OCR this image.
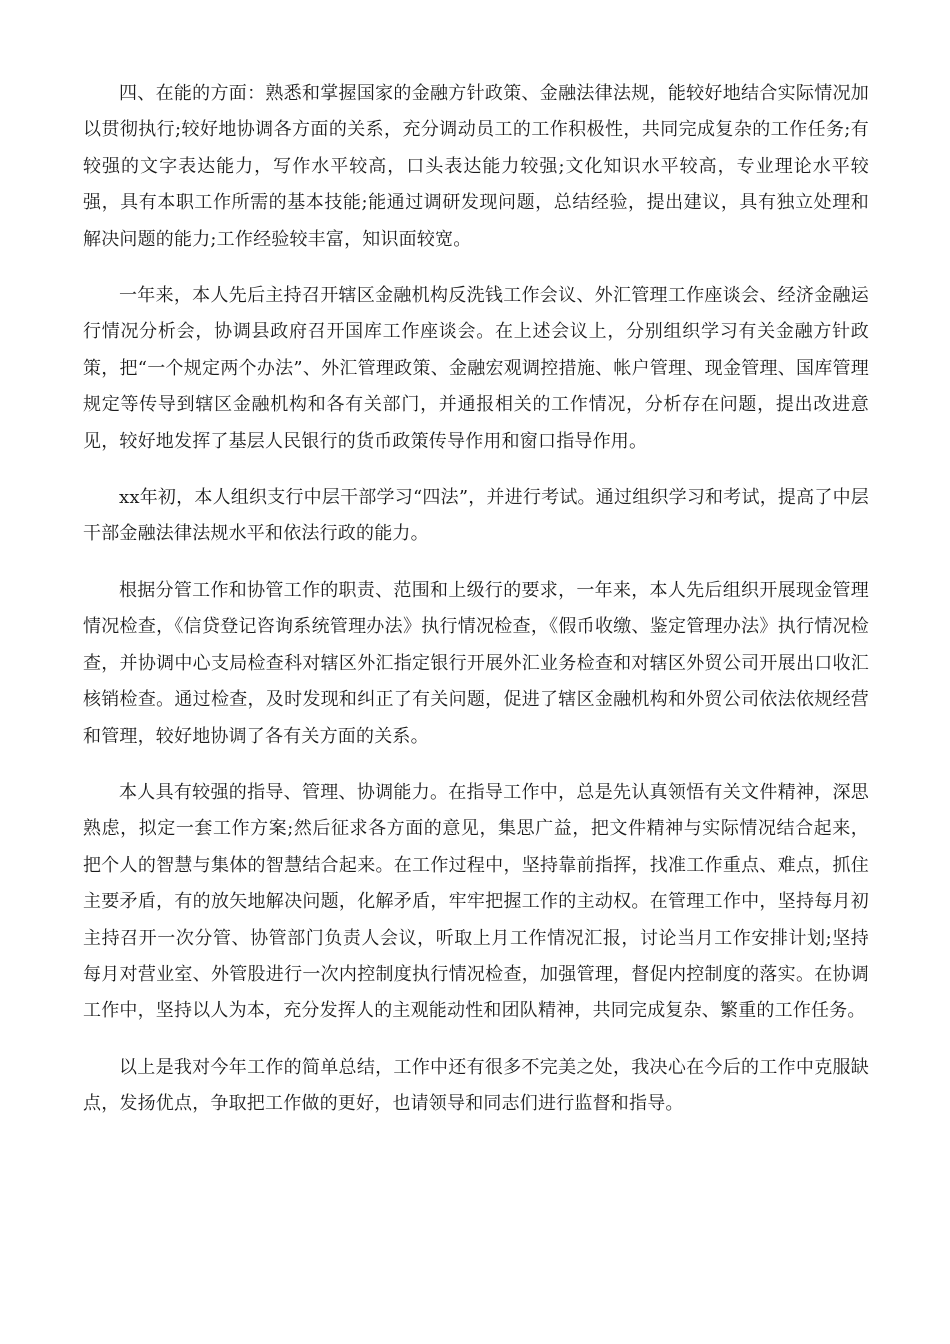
四、在能的方面：熟悉和掌握国家的金融方针政策、金融法律法规，能较好地结合实际情况加以贯彻执行;较好地协调各方面的关系，充分调动员工的工作积极性，共同完成复杂的工作任务;有较强的文字表达能力，写作水平较高，口头表达能力较强;文化知识水平较高，专业理论水平较强，具有本职工作所需的基本技能;能通过调研发现问题，总结经验，提出建议，具有独立处理和解决问题的能力;工作经验较丰富，知识面较宽。

一年来，本人先后主持召开辖区金融机构反洗钱工作会议、外汇管理工作座谈会、经济金融运行情况分析会，协调县政府召开国库工作座谈会。在上述会议上，分别组织学习有关金融方针政策，把“一个规定两个办法”、外汇管理政策、金融宏观调控措施、帐户管理、现金管理、国库管理规定等传导到辖区金融机构和各有关部门，并通报相关的工作情况，分析存在问题，提出改进意见，较好地发挥了基层人民银行的货币政策传导作用和窗口指导作用。

xx年初，本人组织支行中层干部学习“四法”，并进行考试。通过组织学习和考试，提高了中层干部金融法律法规水平和依法行政的能力。

根据分管工作和协管工作的职责、范围和上级行的要求，一年来，本人先后组织开展现金管理情况检查，《信贷登记咨询系统管理办法》执行情况检查，《假币收缴、鉴定管理办法》执行情况检查，并协调中心支局检查科对辖区外汇指定银行开展外汇业务检查和对辖区外贸公司开展出口收汇核销检查。通过检查，及时发现和纠正了有关问题，促进了辖区金融机构和外贸公司依法依规经营和管理，较好地协调了各有关方面的关系。

本人具有较强的指导、管理、协调能力。在指导工作中，总是先认真领悟有关文件精神，深思熟虑，拟定一套工作方案;然后征求各方面的意见，集思广益，把文件精神与实际情况结合起来，把个人的智慧与集体的智慧结合起来。在工作过程中，坚持靠前指挥，找准工作重点、难点，抓住主要矛盾，有的放矢地解决问题，化解矛盾，牢牢把握工作的主动权。在管理工作中，坚持每月初主持召开一次分管、协管部门负责人会议，听取上月工作情况汇报，讨论当月工作安排计划;坚持每月对营业室、外管股进行一次内控制度执行情况检查，加强管理，督促内控制度的落实。在协调工作中，坚持以人为本，充分发挥人的主观能动性和团队精神，共同完成复杂、繁重的工作任务。

以上是我对今年工作的简单总结，工作中还有很多不完美之处，我决心在今后的工作中克服缺点，发扬优点，争取把工作做的更好，也请领导和同志们进行监督和指导。
